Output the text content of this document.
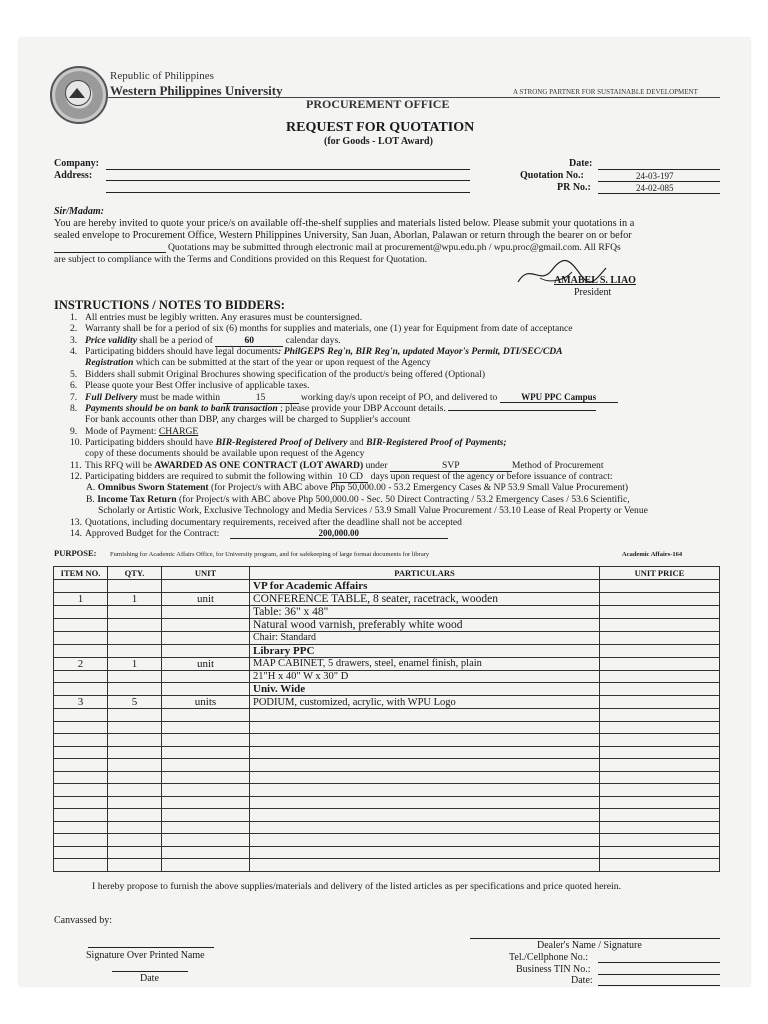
Republic of Philippines
Western Philippines University	A STRONG PARTNER FOR SUSTAINABLE DEVELOPMENT
PROCUREMENT OFFICE
REQUEST FOR QUOTATION
(for Goods - LOT Award)
Company:
Address:
Date:
Quotation No.:	24-03-197
PR No.:	24-02-085
Sir/Madam:
You are hereby invited to quote your price/s on available off-the-shelf supplies and materials listed below. Please submit your quotations in a
sealed envelope to Procurement Office, Western Philippines University, San Juan, Aborlan, Palawan or return through the bearer on or befor
Quotations may be submitted through electronic mail at procurement@wpu.edu.ph / wpu.proc@gmail.com. All RFQs
are subject to compliance with the Terms and Conditions provided on this Request for Quotation.
AMABEL S. LIAO
President
INSTRUCTIONS / NOTES TO BIDDERS:
1. All entries must be legibly written. Any erasures must be countersigned.
2. Warranty shall be for a period of six (6) months for supplies and materials, one (1) year for Equipment from date of acceptance
3. Price validity shall be a period of	60	calendar days.
4. Participating bidders should have legal documents: PhilGEPS Reg'n, BIR Reg'n, updated Mayor's Permit, DTI/SEC/CDA
Registration which can be submitted at the start of the year or upon request of the Agency
5. Bidders shall submit Original Brochures showing specification of the product/s being offered (Optional)
6. Please quote your Best Offer inclusive of applicable taxes.
7. Full Delivery must be made within	15	working day/s upon receipt of PO, and delivered to	WPU PPC Campus
8. Payments should be on bank to bank transaction ; please provide your DBP Account details.
For bank accounts other than DBP, any charges will be charged to Supplier's account
9. Mode of Payment: CHARGE
10. Participating bidders should have BIR-Registered Proof of Delivery and BIR-Registered Proof of Payments;
copy of these documents should be available upon request of the Agency
11. This RFQ will be AWARDED AS ONE CONTRACT (LOT AWARD) under	SVP	Method of Procurement
12. Participating bidders are required to submit the following within 10 CD days upon request of the agency or before issuance of contract:
A. Omnibus Sworn Statement (for Project/s with ABC above Php 50,000.00 - 53.2 Emergency Cases & NP 53.9 Small Value Procurement)
B. Income Tax Return (for Project/s with ABC above Php 500,000.00 - Sec. 50 Direct Contracting / 53.2 Emergency Cases / 53.6 Scientific,
Scholarly or Artistic Work, Exclusive Technology and Media Services / 53.9 Small Value Procurement / 53.10 Lease of Real Property or Venue
13. Quotations, including documentary requirements, received after the deadline shall not be accepted
14. Approved Budget for the Contract:	200,000.00
PURPOSE: Furnishing for Academic Affairs Office, for University program, and for safekeeping of large format documents for library	Academic Affairs-164
ITEM NO.	QTY.	UNIT	PARTICULARS	UNIT PRICE
			VP for Academic Affairs	
1	1	unit	CONFERENCE TABLE, 8 seater, racetrack, wooden	
			Table: 36" x 48"	
			Natural wood varnish, preferably white wood	
			Chair: Standard	
			Library PPC	
2	1	unit	MAP CABINET, 5 drawers, steel, enamel finish, plain	
			21"H x 40" W x 30" D	
			Univ. Wide	
3	5	units	PODIUM, customized, acrylic, with WPU Logo	

I hereby propose to furnish the above supplies/materials and delivery of the listed articles as per specifications and price quoted herein.
Canvassed by:
Signature Over Printed Name
Date
Dealer's Name / Signature
Tel./Cellphone No.:
Business TIN No.:
Date:
